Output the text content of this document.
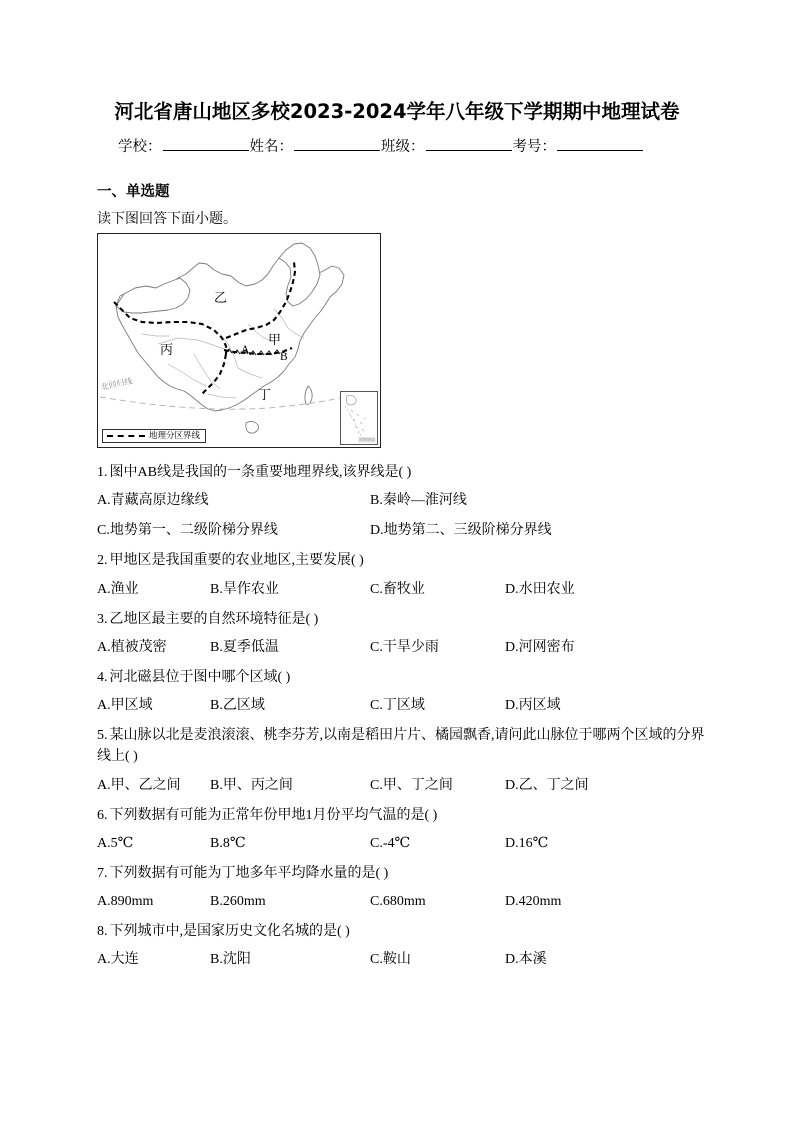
河北省唐山地区多校2023-2024学年八年级下学期期中地理试卷
学校：	姓名：	班级：	考号：
一、单选题
读下图回答下面小题。
乙
丙
甲
丁
A
B
北回归线
地理分区界线	南海诸岛
1. 图中AB线是我国的一条重要地理界线,该界线是( )
A.青藏高原边缘线	B.秦岭—淮河线
C.地势第一、二级阶梯分界线	D.地势第二、三级阶梯分界线
2. 甲地区是我国重要的农业地区,主要发展( )
A.渔业	B.旱作农业	C.畜牧业	D.水田农业
3. 乙地区最主要的自然环境特征是( )
A.植被茂密	B.夏季低温	C.干旱少雨	D.河网密布
4. 河北磁县位于图中哪个区域( )
A.甲区域	B.乙区域	C.丁区域	D.丙区域
5. 某山脉以北是麦浪滚滚、桃李芬芳,以南是稻田片片、橘园飘香,请问此山脉位于哪两个区域的分界线上( )
A.甲、乙之间	B.甲、丙之间	C.甲、丁之间	D.乙、丁之间
6. 下列数据有可能为正常年份甲地1月份平均气温的是( )
A.5℃	B.8℃	C.-4℃	D.16℃
7. 下列数据有可能为丁地多年平均降水量的是( )
A.890mm	B.260mm	C.680mm	D.420mm
8. 下列城市中,是国家历史文化名城的是( )
A.大连	B.沈阳	C.鞍山	D.本溪
